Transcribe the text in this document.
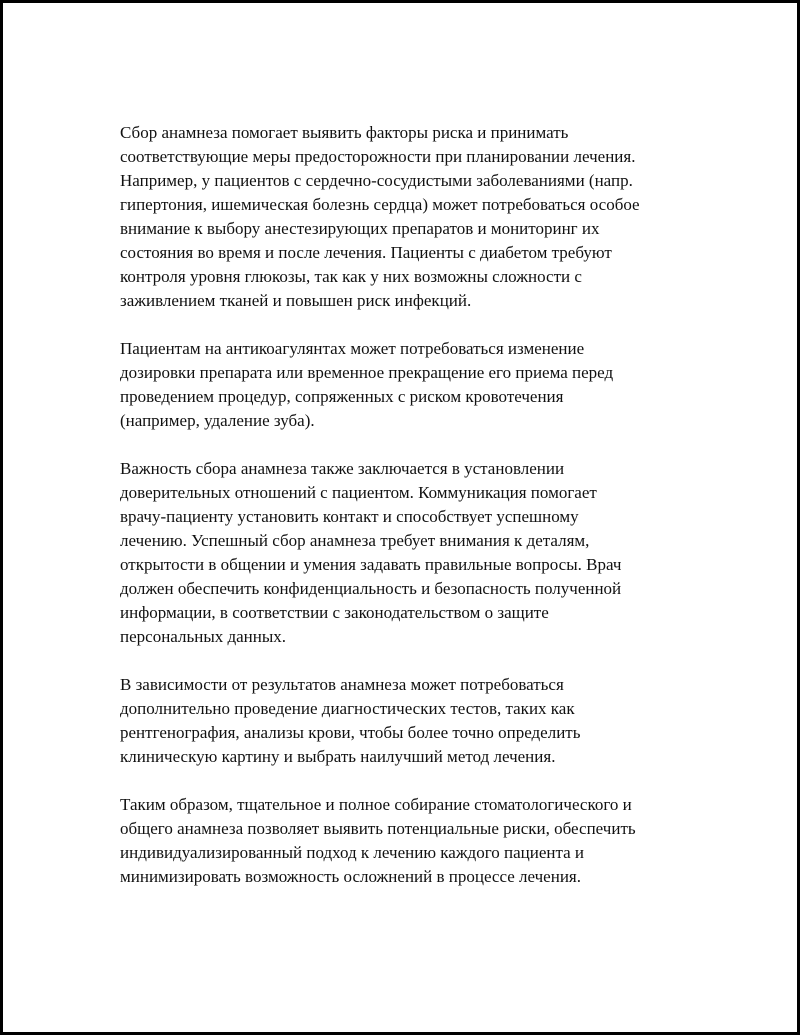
Сбор анамнеза помогает выявить факторы риска и принимать
соответствующие меры предосторожности при планировании лечения.
Например, у пациентов с сердечно-сосудистыми заболеваниями (напр.
гипертония, ишемическая болезнь сердца) может потребоваться особое
внимание к выбору анестезирующих препаратов и мониторинг их
состояния во время и после лечения. Пациенты с диабетом требуют
контроля уровня глюкозы, так как у них возможны сложности с
заживлением тканей и повышен риск инфекций.

Пациентам на антикоагулянтах может потребоваться изменение
дозировки препарата или временное прекращение его приема перед
проведением процедур, сопряженных с риском кровотечения
(например, удаление зуба).

Важность сбора анамнеза также заключается в установлении
доверительных отношений с пациентом. Коммуникация помогает
врачу-пациенту установить контакт и способствует успешному
лечению. Успешный сбор анамнеза требует внимания к деталям,
открытости в общении и умения задавать правильные вопросы. Врач
должен обеспечить конфиденциальность и безопасность полученной
информации, в соответствии с законодательством о защите
персональных данных.

В зависимости от результатов анамнеза может потребоваться
дополнительно проведение диагностических тестов, таких как
рентгенография, анализы крови, чтобы более точно определить
клиническую картину и выбрать наилучший метод лечения.

Таким образом, тщательное и полное собирание стоматологического и
общего анамнеза позволяет выявить потенциальные риски, обеспечить
индивидуализированный подход к лечению каждого пациента и
минимизировать возможность осложнений в процессе лечения.
